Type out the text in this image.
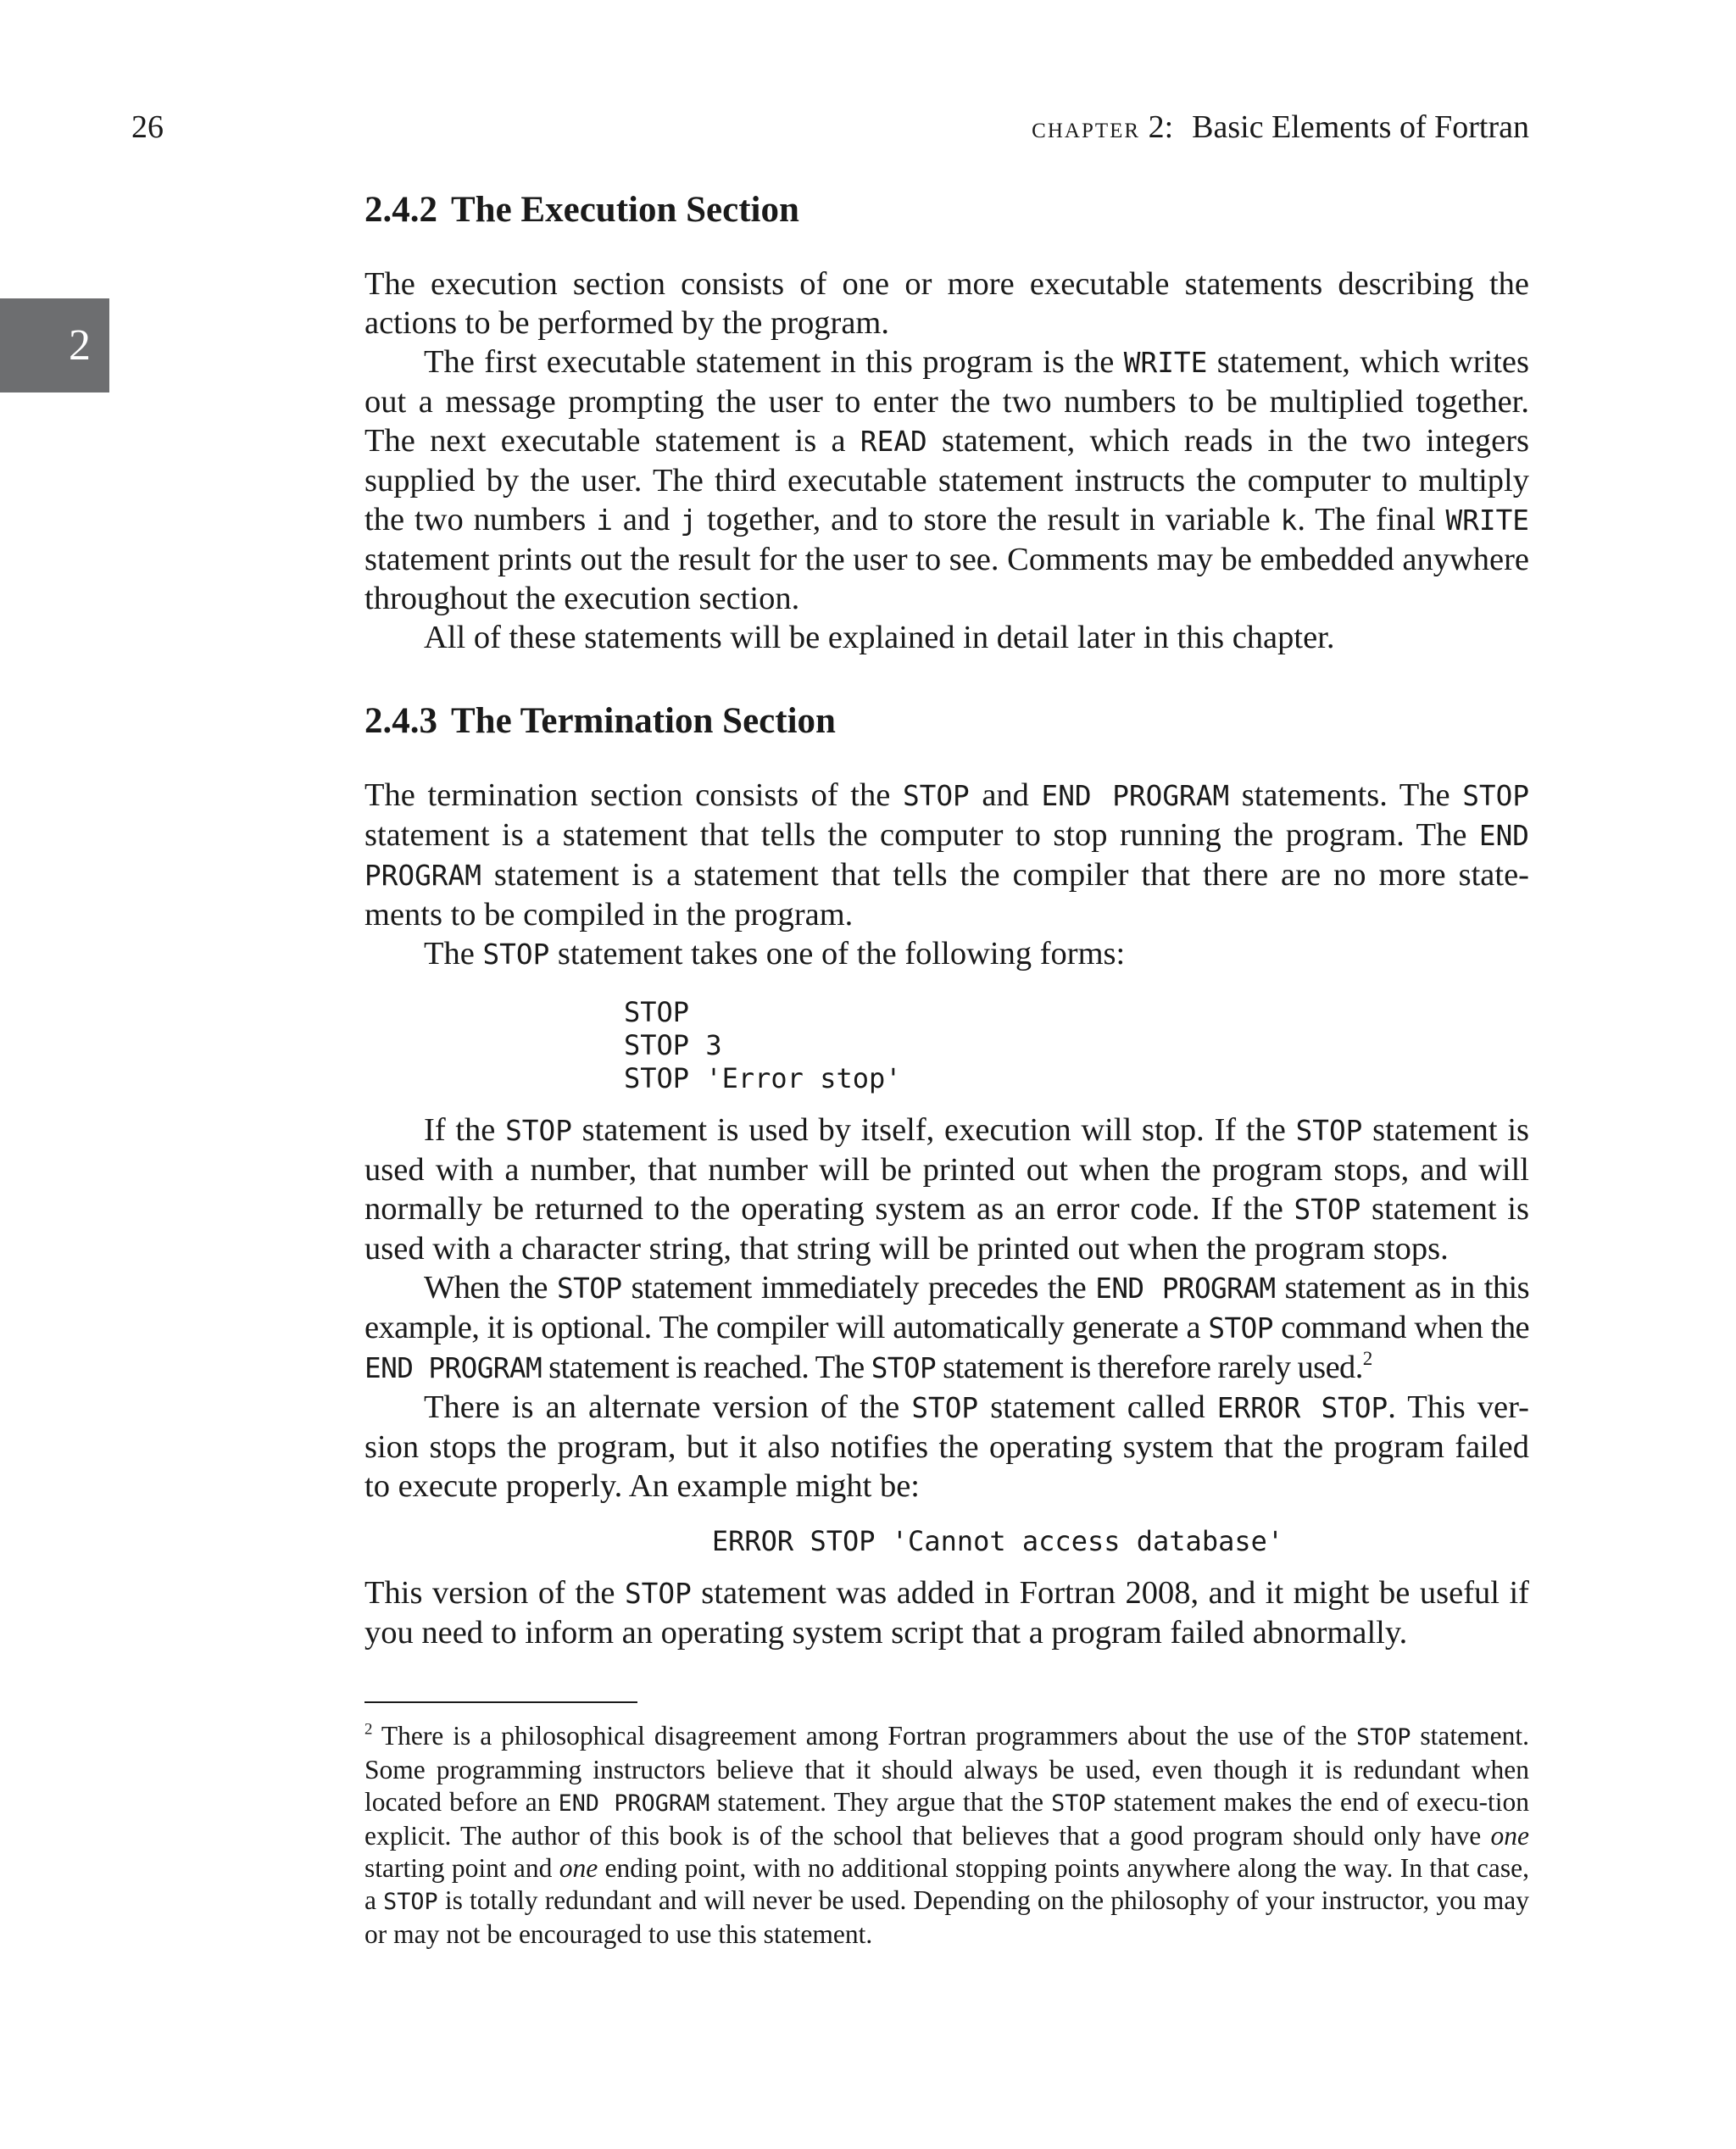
26	chapter 2: Basic Elements of Fortran
2
2.4.2 The Execution Section

The execution section consists of one or more executable statements describing the actions to be performed by the program.

The first executable statement in this program is the WRITE statement, which writes out a message prompting the user to enter the two numbers to be multiplied together. The next executable statement is a READ statement, which reads in the two integers supplied by the user. The third executable statement instructs the computer to multiply the two numbers i and j together, and to store the result in variable k. The final WRITE statement prints out the result for the user to see. Comments may be embedded anywhere throughout the execution section.

All of these statements will be explained in detail later in this chapter.

2.4.3 The Termination Section

The termination section consists of the STOP and END PROGRAM statements. The STOP statement is a statement that tells the computer to stop running the program. The END PROGRAM statement is a statement that tells the compiler that there are no more state-ments to be compiled in the program.

The STOP statement takes one of the following forms:

STOP
STOP 3
STOP 'Error stop'

If the STOP statement is used by itself, execution will stop. If the STOP statement is used with a number, that number will be printed out when the program stops, and will normally be returned to the operating system as an error code. If the STOP statement is used with a character string, that string will be printed out when the program stops.

When the STOP statement immediately precedes the END PROGRAM statement as in this example, it is optional. The compiler will automatically generate a STOP command when the END PROGRAM statement is reached. The STOP statement is therefore rarely used.$^2$

There is an alternate version of the STOP statement called ERROR STOP. This ver-sion stops the program, but it also notifies the operating system that the program failed to execute properly. An example might be:

ERROR STOP 'Cannot access database'

This version of the STOP statement was added in Fortran 2008, and it might be useful if you need to inform an operating system script that a program failed abnormally.

$^2$ There is a philosophical disagreement among Fortran programmers about the use of the STOP statement. Some programming instructors believe that it should always be used, even though it is redundant when located before an END PROGRAM statement. They argue that the STOP statement makes the end of execu-tion explicit. The author of this book is of the school that believes that a good program should only have one starting point and one ending point, with no additional stopping points anywhere along the way. In that case, a STOP is totally redundant and will never be used. Depending on the philosophy of your instructor, you may or may not be encouraged to use this statement.
